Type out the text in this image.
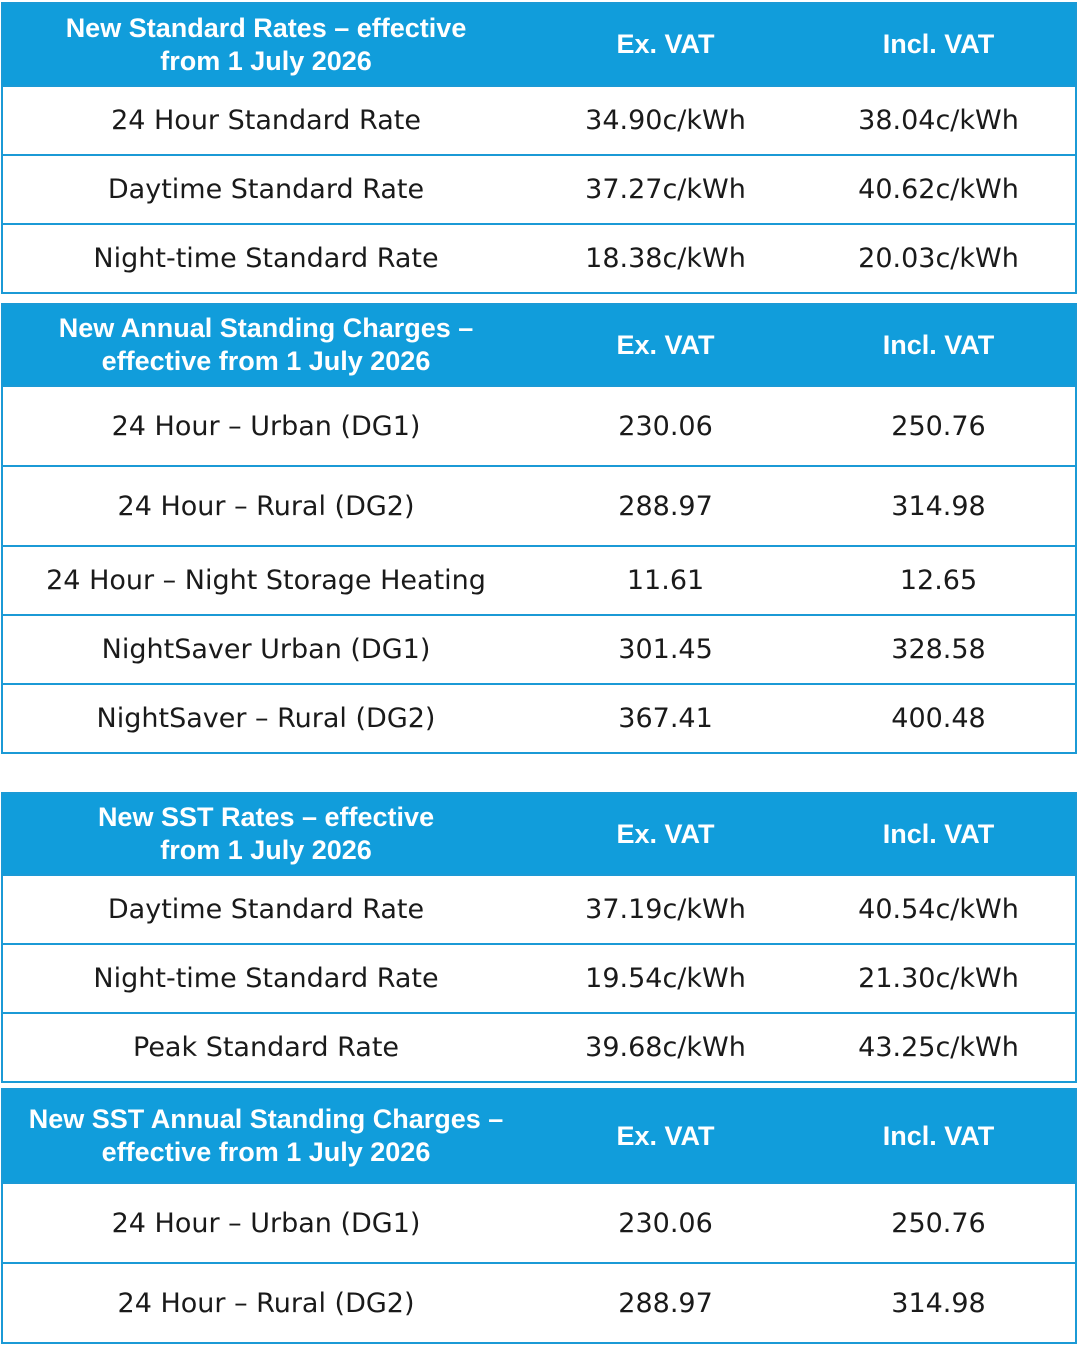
New Standard Rates – effective
from 1 July 2026
Ex. VAT	Incl. VAT
24 Hour Standard Rate	34.90c/kWh	38.04c/kWh
Daytime Standard Rate	37.27c/kWh	40.62c/kWh
Night-time Standard Rate	18.38c/kWh	20.03c/kWh
New Annual Standing Charges –
effective from 1 July 2026
Ex. VAT	Incl. VAT
24 Hour – Urban (DG1)	230.06	250.76
24 Hour – Rural (DG2)	288.97	314.98
24 Hour – Night Storage Heating	11.61	12.65
NightSaver Urban (DG1)	301.45	328.58
NightSaver – Rural (DG2)	367.41	400.48
New SST Rates – effective
from 1 July 2026
Ex. VAT	Incl. VAT
Daytime Standard Rate	37.19c/kWh	40.54c/kWh
Night-time Standard Rate	19.54c/kWh	21.30c/kWh
Peak Standard Rate	39.68c/kWh	43.25c/kWh
New SST Annual Standing Charges –
effective from 1 July 2026
Ex. VAT	Incl. VAT
24 Hour – Urban (DG1)	230.06	250.76
24 Hour – Rural (DG2)	288.97	314.98
